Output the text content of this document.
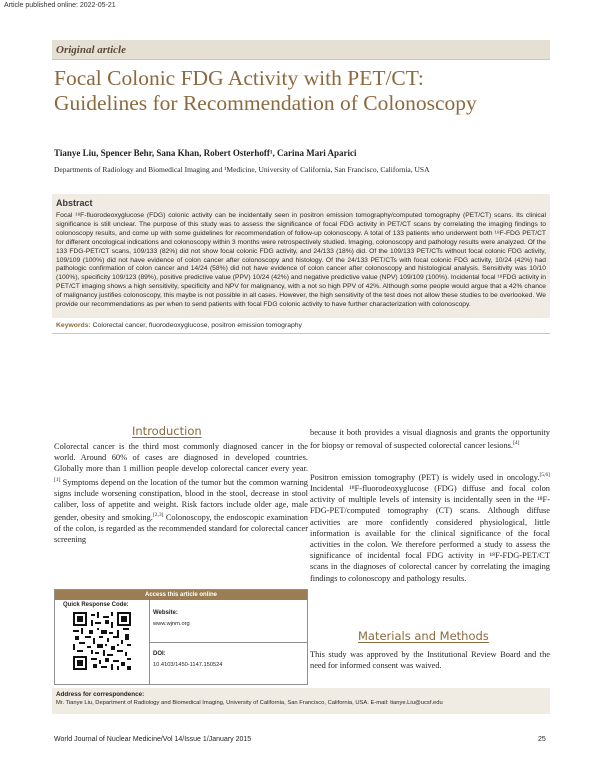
Article published online: 2022-05-21
Original article
Focal Colonic FDG Activity with PET/CT:
Guidelines for Recommendation of Colonoscopy
Tianye Liu, Spencer Behr, Sana Khan, Robert Osterhoff¹, Carina Mari Aparici
Departments of Radiology and Biomedical Imaging and ¹Medicine, University of California, San Francisco, California, USA
Abstract
Focal ¹⁸F-fluorodeoxyglucose (FDG) colonic activity can be incidentally seen in positron emission tomography/computed tomography (PET/CT) scans. Its clinical significance is still unclear. The purpose of this study was to assess the significance of focal FDG activity in PET/CT scans by correlating the imaging findings to colonoscopy results, and come up with some guidelines for recommendation of follow-up colonoscopy. A total of 133 patients who underwent both ¹⁸F-FDG PET/CT for different oncological indications and colonoscopy within 3 months were retrospectively studied. Imaging, colonoscopy and pathology results were analyzed. Of the 133 FDG-PET/CT scans, 109/133 (82%) did not show focal colonic FDG activity, and 24/133 (18%) did. Of the 109/133 PET/CTs without focal colonic FDG activity, 109/109 (100%) did not have evidence of colon cancer after colonoscopy and histology. Of the 24/133 PET/CTs with focal colonic FDG activity, 10/24 (42%) had pathologic confirmation of colon cancer and 14/24 (58%) did not have evidence of colon cancer after colonoscopy and histological analysis. Sensitivity was 10/10 (100%), specificity 109/123 (89%), positive predictive value (PPV) 10/24 (42%) and negative predictive value (NPV) 109/109 (100%). Incidental focal ¹⁸FDG activity in PET/CT imaging shows a high sensitivity, specificity and NPV for malignancy, with a not so high PPV of 42%. Although some people would argue that a 42% chance of malignancy justifies colonoscopy, this maybe is not possible in all cases. However, the high sensitivity of the test does not allow these studies to be overlooked. We provide our recommendations as per when to send patients with focal FDG colonic activity to have further characterization with colonoscopy.
Keywords: Colorectal cancer, fluorodeoxyglucose, positron emission tomography
Introduction
Colorectal cancer is the third most commonly diagnosed cancer in the world. Around 60% of cases are diagnosed in developed countries. Globally more than 1 million people develop colorectal cancer every year.[1] Symptoms depend on the location of the tumor but the common warning signs include worsening constipation, blood in the stool, decrease in stool caliber, loss of appetite and weight. Risk factors include older age, male gender, obesity and smoking.[2,3] Colonoscopy, the endoscopic examination of the colon, is regarded as the recommended standard for colorectal cancer screening
because it both provides a visual diagnosis and grants the opportunity for biopsy or removal of suspected colorectal cancer lesions.[4]
Positron emission tomography (PET) is widely used in oncology.[5,6] Incidental ¹⁸F-fluorodeoxyglucose (FDG) diffuse and focal colon activity of multiple levels of intensity is incidentally seen in the ¹⁸F-FDG-PET/computed tomography (CT) scans. Although diffuse activities are more confidently considered physiological, little information is available for the clinical significance of the focal activities in the colon. We therefore performed a study to assess the significance of incidental focal FDG activity in ¹⁸F-FDG-PET/CT scans in the diagnoses of colorectal cancer by correlating the imaging findings to colonoscopy and pathology results.
Materials and Methods
This study was approved by the Institutional Review Board and the need for informed consent was waived.
Access this article online
Quick Response Code:
Website:
www.wjnm.org
DOI:
10.4103/1450-1147.150524
Address for correspondence:
Mr. Tianye Liu, Department of Radiology and Biomedical Imaging, University of California, San Francisco, California, USA. E-mail: tianye.Liu@ucsf.edu
World Journal of Nuclear Medicine/Vol 14/Issue 1/January 2015	25
